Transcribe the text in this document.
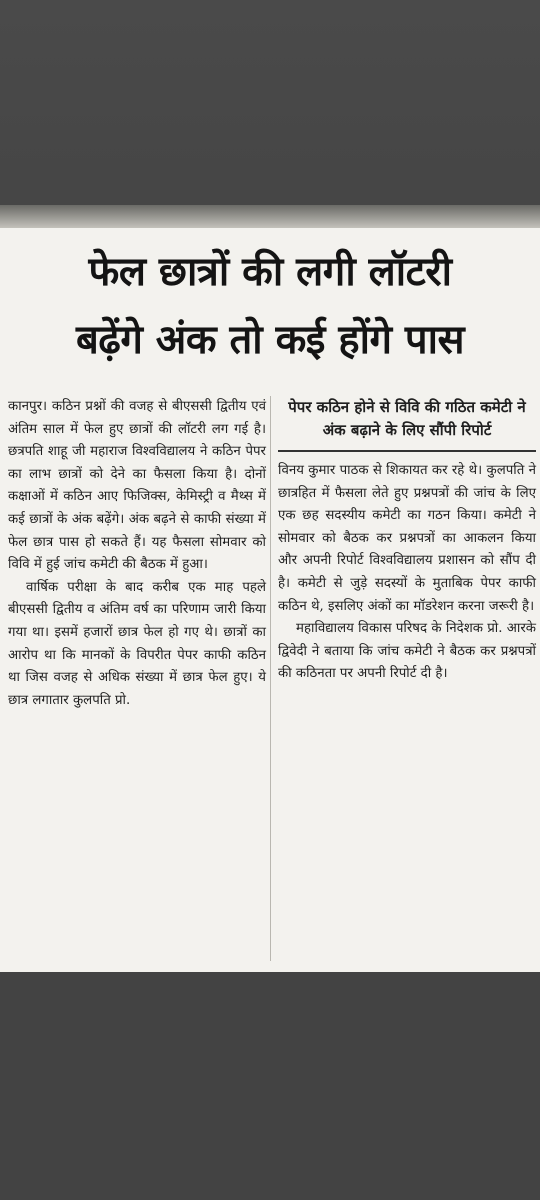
फेल छात्रों की लगी लॉटरी
बढ़ेंगे अंक तो कई होंगे पास

कानपुर। कठिन प्रश्नों की वजह से बीएससी द्वितीय एवं अंतिम साल में फेल हुए छात्रों की लॉटरी लग गई है। छत्रपति शाहू जी महाराज विश्वविद्यालय ने कठिन पेपर का लाभ छात्रों को देने का फैसला किया है। दोनों कक्षाओं में कठिन आए फिजिक्स, केमिस्ट्री व मैथ्स में कई छात्रों के अंक बढ़ेंगे। अंक बढ़ने से काफी संख्या में फेल छात्र पास हो सकते हैं। यह फैसला सोमवार को विवि में हुई जांच कमेटी की बैठक में हुआ।

वार्षिक परीक्षा के बाद करीब एक माह पहले बीएससी द्वितीय व अंतिम वर्ष का परिणाम जारी किया गया था। इसमें हजारों छात्र फेल हो गए थे। छात्रों का आरोप था कि मानकों के विपरीत पेपर काफी कठिन था जिस वजह से अधिक संख्या में छात्र फेल हुए। ये छात्र लगातार कुलपति प्रो.

पेपर कठिन होने से विवि की गठित कमेटी ने अंक बढ़ाने के लिए सौंपी रिपोर्ट

विनय कुमार पाठक से शिकायत कर रहे थे। कुलपति ने छात्रहित में फैसला लेते हुए प्रश्नपत्रों की जांच के लिए एक छह सदस्यीय कमेटी का गठन किया। कमेटी ने सोमवार को बैठक कर प्रश्नपत्रों का आकलन किया और अपनी रिपोर्ट विश्वविद्यालय प्रशासन को सौंप दी है। कमेटी से जुड़े सदस्यों के मुताबिक पेपर काफी कठिन थे, इसलिए अंकों का मॉडरेशन करना जरूरी है।

महाविद्यालय विकास परिषद के निदेशक प्रो. आरके द्विवेदी ने बताया कि जांच कमेटी ने बैठक कर प्रश्नपत्रों की कठिनता पर अपनी रिपोर्ट दी है।
